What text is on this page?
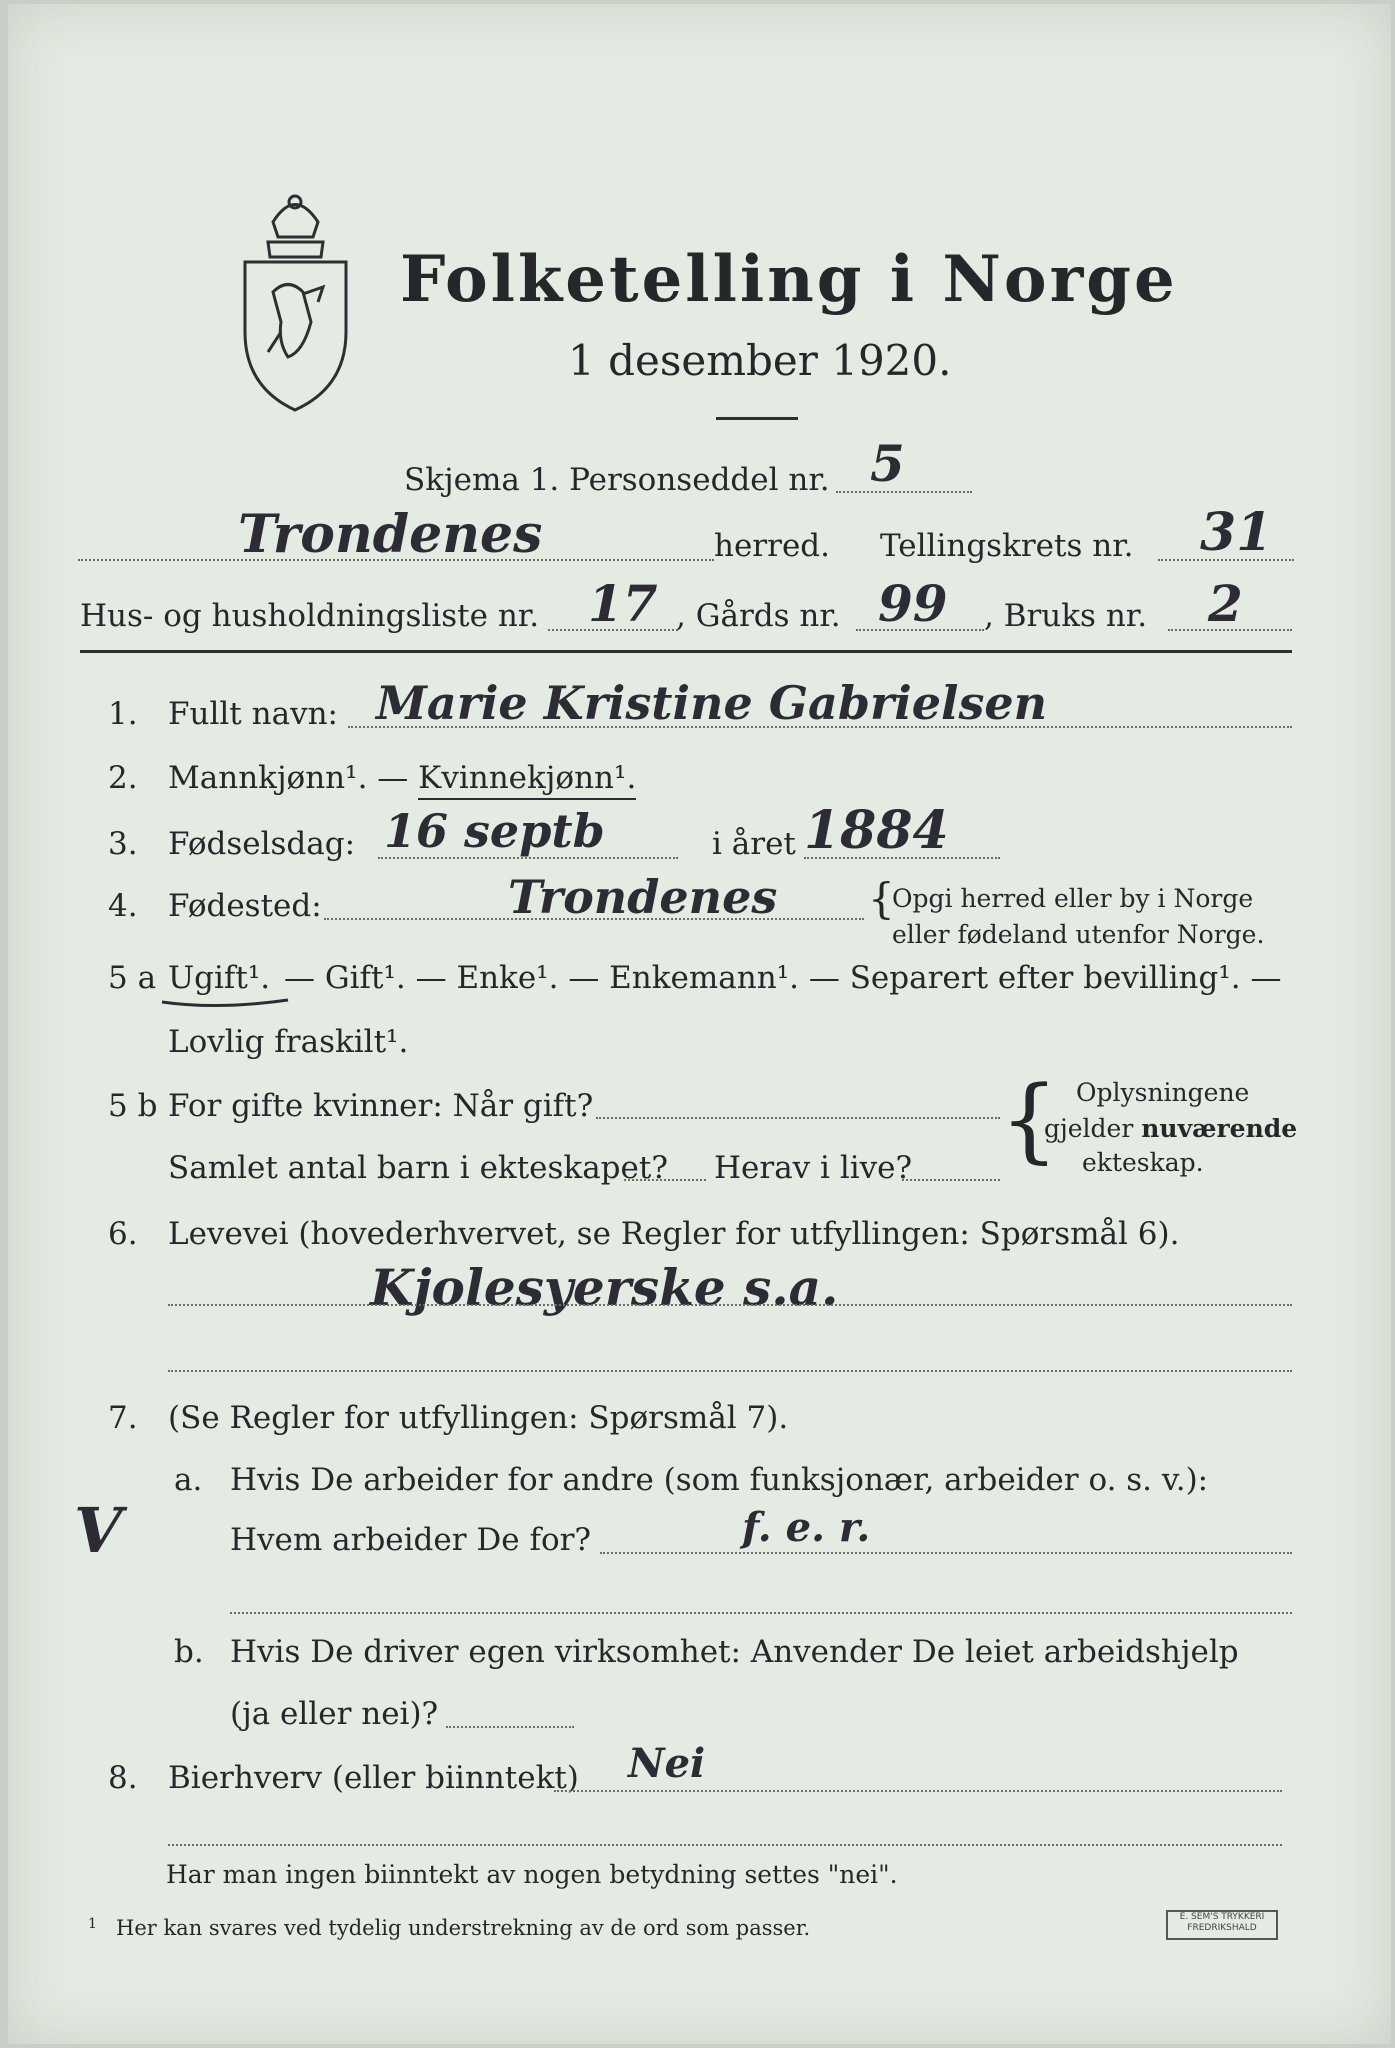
Folketelling i Norge
1 desember 1920.
Skjema 1. Personseddel nr. 5
Trondenes	herred. Tellingskrets nr. 31
Hus- og husholdningsliste nr. 17 , Gårds nr. 99 , Bruks nr. 2
1. Fullt navn: Marie Kristine Gabrielsen
2. Mannkjønn¹. — Kvinnekjønn¹.
3. Fødselsdag: 16 septb	i året 1884
4. Fødested:	Trondenes {
Opgi herred eller by i Norge
eller fødeland utenfor Norge.
5 a Ugift¹. — Gift¹. — Enke¹. — Enkemann¹. — Separert efter bevilling¹. —
Lovlig fraskilt¹.
5 b For gifte kvinner: Når gift?
Samlet antal barn i ekteskapet? Herav i live? { Oplysningene
gjelder nuværende
ekteskap.
6. Levevei (hovederhvervet, se Regler for utfyllingen: Spørsmål 6).
Kjolesyerske s.a.
7. (Se Regler for utfyllingen: Spørsmål 7).
a. Hvis De arbeider for andre (som funksjonær, arbeider o. s. v.):
V	Hvem arbeider De for?	f. e. r.
b. Hvis De driver egen virksomhet: Anvender De leiet arbeidshjelp
(ja eller nei)?
8. Bierhverv (eller biinntekt) Nei
Har man ingen biinntekt av nogen betydning settes "nei".
1 Her kan svares ved tydelig understrekning av de ord som passer.	E. SEM'S TRYKKERI
FREDRIKSHALD
